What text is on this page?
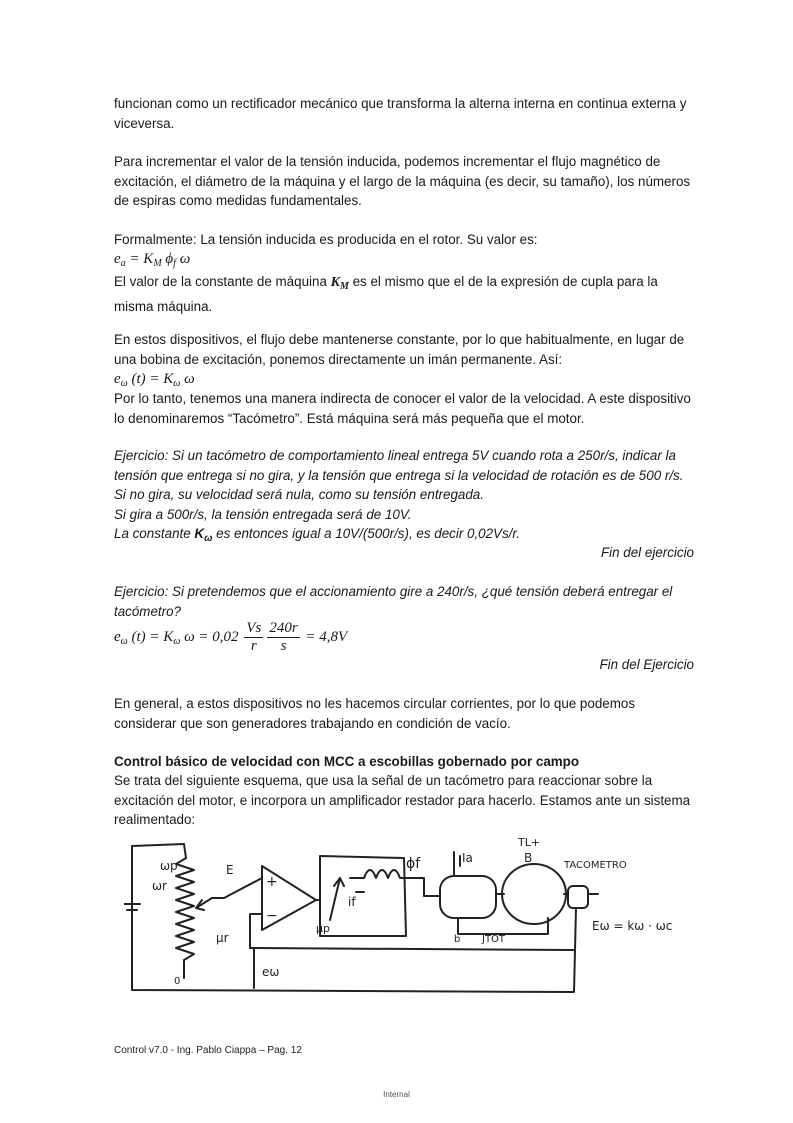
funcionan como un rectificador mecánico que transforma la alterna interna en continua externa y viceversa.

Para incrementar el valor de la tensión inducida, podemos incrementar el flujo magnético de excitación, el diámetro de la máquina y el largo de la máquina (es decir, su tamaño), los números de espiras como medidas fundamentales.

Formalmente: La tensión inducida es producida en el rotor. Su valor es:

$e_a = K_M$ $\phi_f$ ω

El valor de la constante de máquina $K_M$ es el mismo que el de la expresión de cupla para la misma máquina.

En estos dispositivos, el flujo debe mantenerse constante, por lo que habitualmente, en lugar de una bobina de excitación, ponemos directamente un imán permanente. Así:

$e_\omega$ $(t) = K_\omega$ ω

Por lo tanto, tenemos una manera indirecta de conocer el valor de la velocidad. A este dispositivo lo denominaremos “Tacómetro”. Está máquina será más pequeña que el motor.

Ejercicio: Si un tacómetro de comportamiento lineal entrega 5V cuando rota a 250r/s, indicar la tensión que entrega si no gira, y la tensión que entrega si la velocidad de rotación es de 500 r/s.

Si no gira, su velocidad será nula, como su tensión entregada.

Si gira a 500r/s, la tensión entregada será de 10V.

La constante $K_\omega$ es entonces igual a 10V/(500r/s), es decir 0,02Vs/r.

Fin del ejercicio

Ejercicio: Si pretendemos que el accionamiento gire a 240r/s, ¿qué tensión deberá entregar el tacómetro?

$e_\omega$ $(t) = K_\omega$ $\omega = 0,02 \frac{Vs}{r} \frac{240r}{s} = 4,8V$

Fin del Ejercicio

En general, a estos dispositivos no les hacemos circular corrientes, por lo que podemos considerar que son generadores trabajando en condición de vacío.

Control básico de velocidad con MCC a escobillas gobernado por campo

Se trata del siguiente esquema, que usa la señal de un tacómetro para reaccionar sobre la excitación del motor, e incorpora un amplificador restador para hacerlo. Estamos ante un sistema realimentado:

ωp
ωr
E
+
−
μr
μp
if
ϕf	Ia
TL+
B
TACOMETRO
b JTOT
Eω = kω · ωc
eω
0
Control v7.0 - Ing. Pablo Ciappa – Pag. 12
Internal
